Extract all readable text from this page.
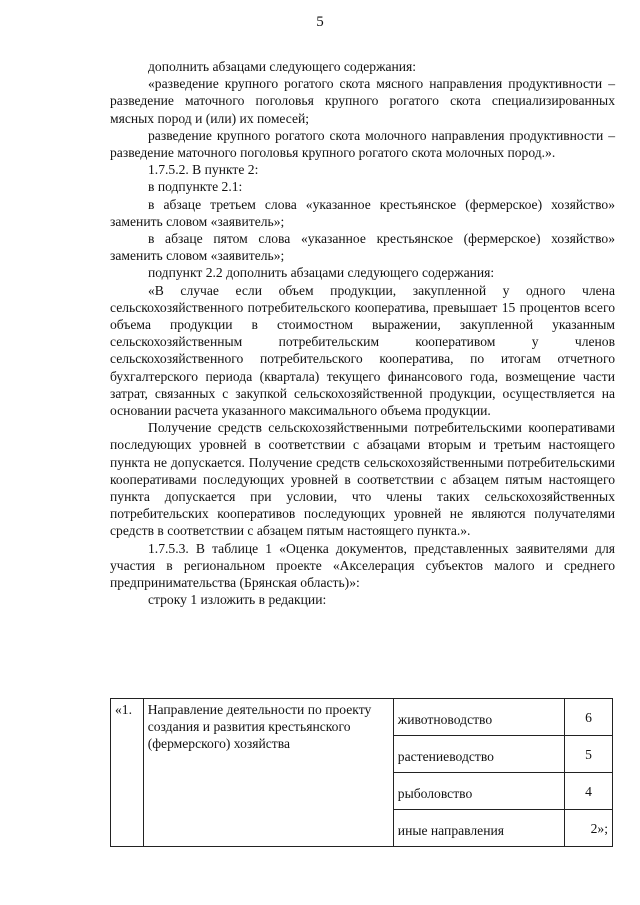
5

дополнить абзацами следующего содержания:

«разведение крупного рогатого скота мясного направления продуктивности – разведение маточного поголовья крупного рогатого скота специализированных мясных пород и (или) их помесей;

разведение крупного рогатого скота молочного направления продуктивности – разведение маточного поголовья крупного рогатого скота молочных пород.».

1.7.5.2. В пункте 2:

в подпункте 2.1:

в абзаце третьем слова «указанное крестьянское (фермерское) хозяйство» заменить словом «заявитель»;

в абзаце пятом слова «указанное крестьянское (фермерское) хозяйство» заменить словом «заявитель»;

подпункт 2.2 дополнить абзацами следующего содержания:

«В случае если объем продукции, закупленной у одного члена сельскохозяйственного потребительского кооператива, превышает 15 процентов всего объема продукции в стоимостном выражении, закупленной указанным сельскохозяйственным потребительским кооперативом у членов сельскохозяйственного потребительского кооператива, по итогам отчетного бухгалтерского периода (квартала) текущего финансового года, возмещение части затрат, связанных с закупкой сельскохозяйственной продукции, осуществляется на основании расчета указанного максимального объема продукции.

Получение средств сельскохозяйственными потребительскими кооперативами последующих уровней в соответствии с абзацами вторым и третьим настоящего пункта не допускается. Получение средств сельскохозяйственными потребительскими кооперативами последующих уровней в соответствии с абзацем пятым настоящего пункта допускается при условии, что члены таких сельскохозяйственных потребительских кооперативов последующих уровней не являются получателями средств в соответствии с абзацем пятым настоящего пункта.».

1.7.5.3. В таблице 1 «Оценка документов, представленных заявителями для участия в региональном проекте «Акселерация субъектов малого и среднего предпринимательства (Брянская область)»:

строку 1 изложить в редакции:

«1.	Направление деятельности по проекту создания и развития крестьянского (фермерского) хозяйства	животноводство	6
		растениеводство	5
		рыболовство	4
		иные направления	2»;
